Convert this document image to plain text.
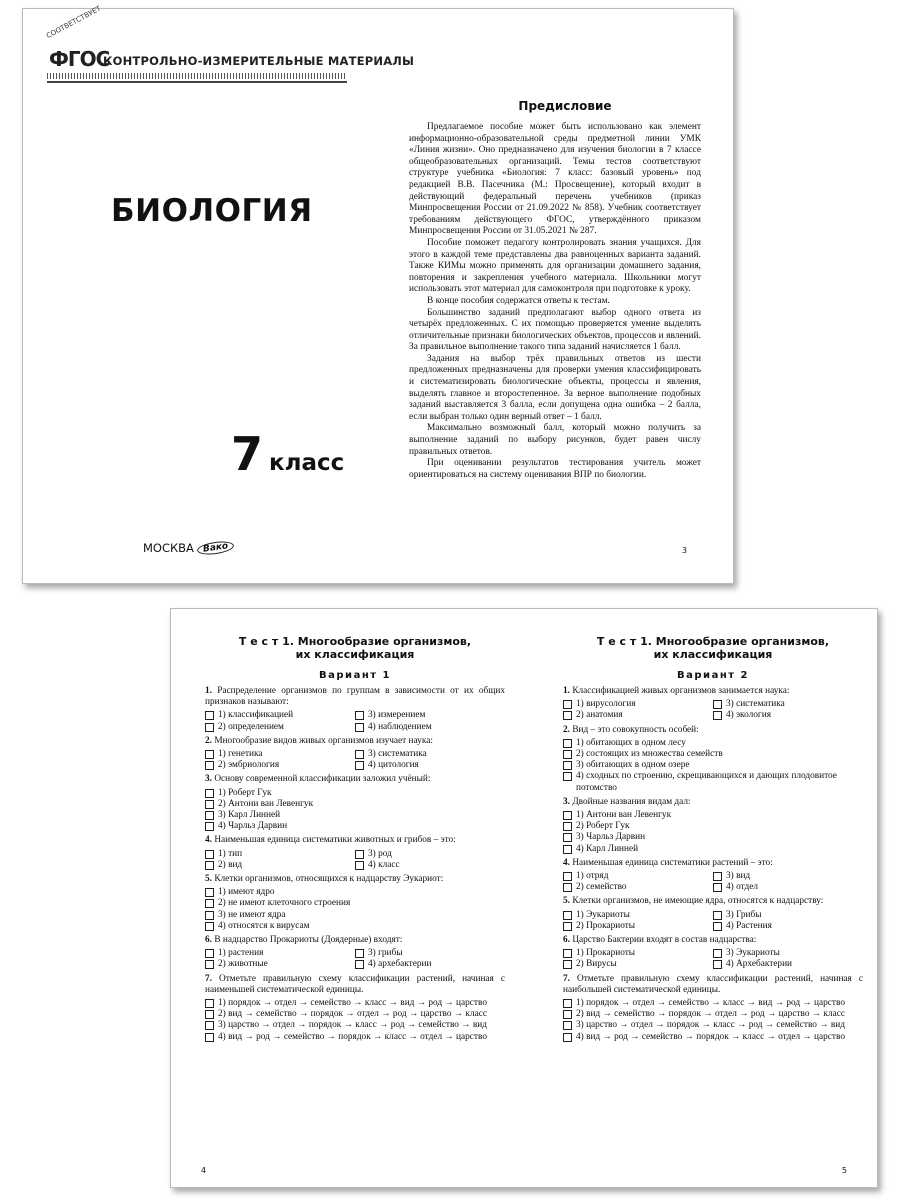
СООТВЕТСТВУЕТ
ФГОС
КОНТРОЛЬНО-ИЗМЕРИТЕЛЬНЫЕ МАТЕРИАЛЫ
БИОЛОГИЯ
7 класс
МОСКВА Вако
Предисловие

Предлагаемое пособие может быть использовано как элемент информационно-образовательной среды предметной линии УМК «Линия жизни». Оно предназначено для изучения биологии в 7 классе общеобразовательных организаций. Темы тестов соответствуют структуре учебника «Биология: 7 класс: базовый уровень» под редакцией В.В. Пасечника (М.: Просвещение), который входит в действующий федеральный перечень учебников (приказ Минпросвещения России от 21.09.2022 № 858). Учебник соответствует требованиям действующего ФГОС, утверждённого приказом Минпросвещения России от 31.05.2021 № 287.

Пособие поможет педагогу контролировать знания учащихся. Для этого в каждой теме представлены два равноценных варианта заданий. Также КИМы можно применять для организации домашнего задания, повторения и закрепления учебного материала. Школьники могут использовать этот материал для самоконтроля при подготовке к уроку.

В конце пособия содержатся ответы к тестам.

Большинство заданий предполагают выбор одного ответа из четырёх предложенных. С их помощью проверяется умение выделять отличительные признаки биологических объектов, процессов и явлений. За правильное выполнение такого типа заданий начисляется 1 балл.

Задания на выбор трёх правильных ответов из шести предложенных предназначены для проверки умения классифицировать и систематизировать биологические объекты, процессы и явления, выделять главное и второстепенное. За верное выполнение подобных заданий выставляется 3 балла, если допущена одна ошибка – 2 балла, если выбран только один верный ответ – 1 балл.

Максимально возможный балл, который можно получить за выполнение заданий по выбору рисунков, будет равен числу правильных ответов.

При оценивании результатов тестирования учитель может ориентироваться на систему оценивания ВПР по биологии.

3
Т е с т 1. Многообразие организмов,
их классификация
Вариант 1
1. Распределение организмов по группам в зависимости от их общих признаков называют:
1) классификацией	3) измерением
2) определением	4) наблюдением
2. Многообразие видов живых организмов изучает наука:
1) генетика	3) систематика
2) эмбриология	4) цитология
3. Основу современной классификации заложил учёный:
1) Роберт Гук
2) Антони ван Левенгук
3) Карл Линней
4) Чарльз Дарвин
4. Наименьшая единица систематики животных и грибов – это:
1) тип	3) род
2) вид	4) класс
5. Клетки организмов, относящихся к надцарству Эукариот:
1) имеют ядро
2) не имеют клеточного строения
3) не имеют ядра
4) относятся к вирусам
6. В надцарство Прокариоты (Доядерные) входят:
1) растения	3) грибы
2) животные	4) архебактерии
7. Отметьте правильную схему классификации растений, начиная с наименьшей систематической единицы.
1) порядок → отдел → семейство → класс → вид → род → царство
2) вид → семейство → порядок → отдел → род → царство → класс
3) царство → отдел → порядок → класс → род → семейство → вид
4) вид → род → семейство → порядок → класс → отдел → царство
Т е с т 1. Многообразие организмов,
их классификация
Вариант 2
1. Классификацией живых организмов занимается наука:
1) вирусология	3) систематика
2) анатомия	4) экология
2. Вид – это совокупность особей:
1) обитающих в одном лесу
2) состоящих из множества семейств
3) обитающих в одном озере
4) сходных по строению, скрещивающихся и дающих плодовитое потомство
3. Двойные названия видам дал:
1) Антони ван Левенгук
2) Роберт Гук
3) Чарльз Дарвин
4) Карл Линней
4. Наименьшая единица систематики растений – это:
1) отряд	3) вид
2) семейство	4) отдел
5. Клетки организмов, не имеющие ядра, относятся к надцарству:
1) Эукариоты	3) Грибы
2) Прокариоты	4) Растения
6. Царство Бактерии входят в состав надцарства:
1) Прокариоты	3) Эукариоты
2) Вирусы	4) Архебактерии
7. Отметьте правильную схему классификации растений, начиная с наибольшей систематической единицы.
1) порядок → отдел → семейство → класс → вид → род → царство
2) вид → семейство → порядок → отдел → род → царство → класс
3) царство → отдел → порядок → класс → род → семейство → вид
4) вид → род → семейство → порядок → класс → отдел → царство
4	5
